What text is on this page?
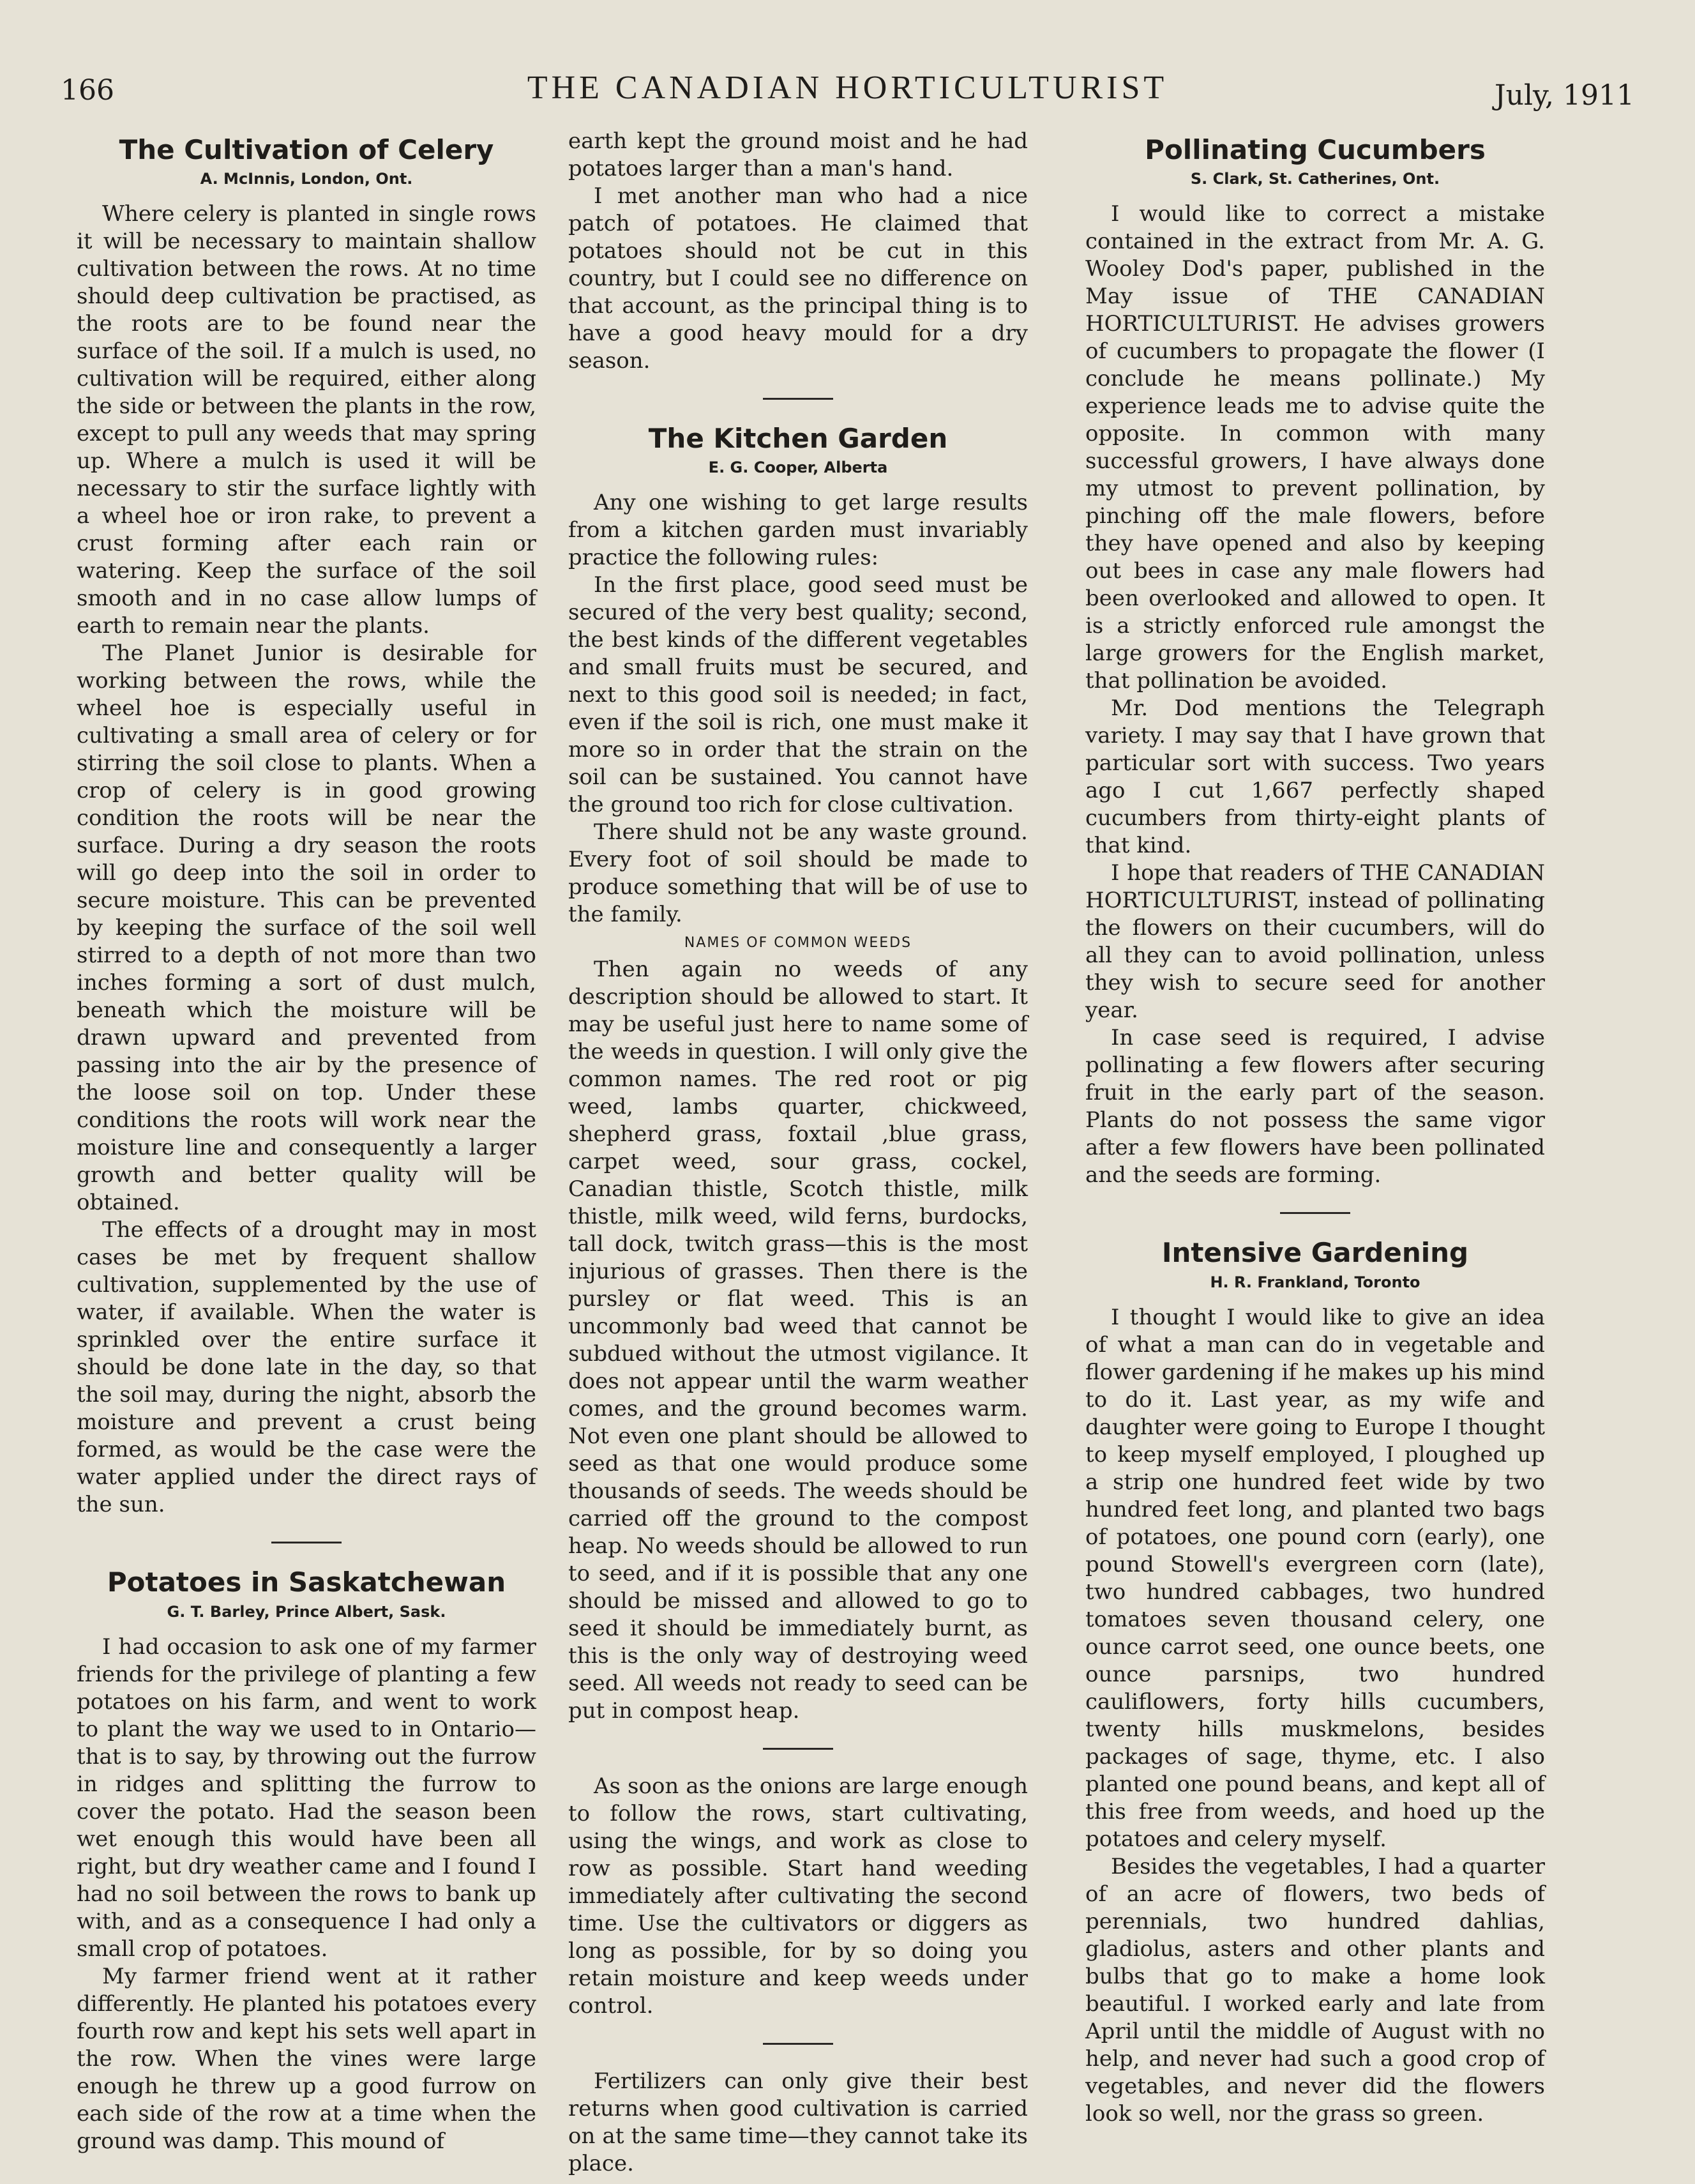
166	THE CANADIAN HORTICULTURIST	July, 1911
The Cultivation of Celery
A. McInnis, London, Ont.

Where celery is planted in single rows it will be necessary to maintain shallow cultivation between the rows. At no time should deep cultivation be practised, as the roots are to be found near the surface of the soil. If a mulch is used, no cultivation will be required, either along the side or between the plants in the row, except to pull any weeds that may spring up. Where a mulch is used it will be necessary to stir the surface lightly with a wheel hoe or iron rake, to prevent a crust forming after each rain or watering. Keep the surface of the soil smooth and in no case allow lumps of earth to remain near the plants.

The Planet Junior is desirable for working between the rows, while the wheel hoe is especially useful in cultivating a small area of celery or for stirring the soil close to plants. When a crop of celery is in good growing condition the roots will be near the surface. During a dry season the roots will go deep into the soil in order to secure moisture. This can be prevented by keeping the surface of the soil well stirred to a depth of not more than two inches forming a sort of dust mulch, beneath which the moisture will be drawn upward and prevented from passing into the air by the presence of the loose soil on top. Under these conditions the roots will work near the moisture line and consequently a larger growth and better quality will be obtained.

The effects of a drought may in most cases be met by frequent shallow cultivation, supplemented by the use of water, if available. When the water is sprinkled over the entire surface it should be done late in the day, so that the soil may, during the night, absorb the moisture and prevent a crust being formed, as would be the case were the water applied under the direct rays of the sun.

Potatoes in Saskatchewan
G. T. Barley, Prince Albert, Sask.

I had occasion to ask one of my farmer friends for the privilege of planting a few potatoes on his farm, and went to work to plant the way we used to in Ontario—that is to say, by throwing out the furrow in ridges and splitting the furrow to cover the potato. Had the season been wet enough this would have been all right, but dry weather came and I found I had no soil between the rows to bank up with, and as a consequence I had only a small crop of potatoes.

My farmer friend went at it rather differently. He planted his potatoes every fourth row and kept his sets well apart in the row. When the vines were large enough he threw up a good furrow on each side of the row at a time when the ground was damp. This mound of

earth kept the ground moist and he had potatoes larger than a man's hand.

I met another man who had a nice patch of potatoes. He claimed that potatoes should not be cut in this country, but I could see no difference on that account, as the principal thing is to have a good heavy mould for a dry season.

The Kitchen Garden
E. G. Cooper, Alberta

Any one wishing to get large results from a kitchen garden must invariably practice the following rules:

In the first place, good seed must be secured of the very best quality; second, the best kinds of the different vegetables and small fruits must be secured, and next to this good soil is needed; in fact, even if the soil is rich, one must make it more so in order that the strain on the soil can be sustained. You cannot have the ground too rich for close cultivation.

There shuld not be any waste ground. Every foot of soil should be made to produce something that will be of use to the family.

NAMES OF COMMON WEEDS

Then again no weeds of any description should be allowed to start. It may be useful just here to name some of the weeds in question. I will only give the common names. The red root or pig weed, lambs quarter, chickweed, shepherd grass, foxtail ,blue grass, carpet weed, sour grass, cockel, Canadian thistle, Scotch thistle, milk thistle, milk weed, wild ferns, burdocks, tall dock, twitch grass—this is the most injurious of grasses. Then there is the pursley or flat weed. This is an uncommonly bad weed that cannot be subdued without the utmost vigilance. It does not appear until the warm weather comes, and the ground becomes warm. Not even one plant should be allowed to seed as that one would produce some thousands of seeds. The weeds should be carried off the ground to the compost heap. No weeds should be allowed to run to seed, and if it is possible that any one should be missed and allowed to go to seed it should be immediately burnt, as this is the only way of destroying weed seed. All weeds not ready to seed can be put in compost heap.

As soon as the onions are large enough to follow the rows, start cultivating, using the wings, and work as close to row as possible. Start hand weeding immediately after cultivating the second time. Use the cultivators or diggers as long as possible, for by so doing you retain moisture and keep weeds under control.

Fertilizers can only give their best returns when good cultivation is carried on at the same time—they cannot take its place.

Pollinating Cucumbers
S. Clark, St. Catherines, Ont.

I would like to correct a mistake contained in the extract from Mr. A. G. Wooley Dod's paper, published in the May issue of THE CANADIAN HORTICULTURIST. He advises growers of cucumbers to propagate the flower (I conclude he means pollinate.) My experience leads me to advise quite the opposite. In common with many successful growers, I have always done my utmost to prevent pollination, by pinching off the male flowers, before they have opened and also by keeping out bees in case any male flowers had been overlooked and allowed to open. It is a strictly enforced rule amongst the large growers for the English market, that pollination be avoided.

Mr. Dod mentions the Telegraph variety. I may say that I have grown that particular sort with success. Two years ago I cut 1,667 perfectly shaped cucumbers from thirty-eight plants of that kind.

I hope that readers of THE CANADIAN HORTICULTURIST, instead of pollinating the flowers on their cucumbers, will do all they can to avoid pollination, unless they wish to secure seed for another year.

In case seed is required, I advise pollinating a few flowers after securing fruit in the early part of the season. Plants do not possess the same vigor after a few flowers have been pollinated and the seeds are forming.

Intensive Gardening
H. R. Frankland, Toronto

I thought I would like to give an idea of what a man can do in vegetable and flower gardening if he makes up his mind to do it. Last year, as my wife and daughter were going to Europe I thought to keep myself employed, I ploughed up a strip one hundred feet wide by two hundred feet long, and planted two bags of potatoes, one pound corn (early), one pound Stowell's evergreen corn (late), two hundred cabbages, two hundred tomatoes seven thousand celery, one ounce carrot seed, one ounce beets, one ounce parsnips, two hundred cauliflowers, forty hills cucumbers, twenty hills muskmelons, besides packages of sage, thyme, etc. I also planted one pound beans, and kept all of this free from weeds, and hoed up the potatoes and celery myself.

Besides the vegetables, I had a quarter of an acre of flowers, two beds of perennials, two hundred dahlias, gladiolus, asters and other plants and bulbs that go to make a home look beautiful. I worked early and late from April until the middle of August with no help, and never had such a good crop of vegetables, and never did the flowers look so well, nor the grass so green.
